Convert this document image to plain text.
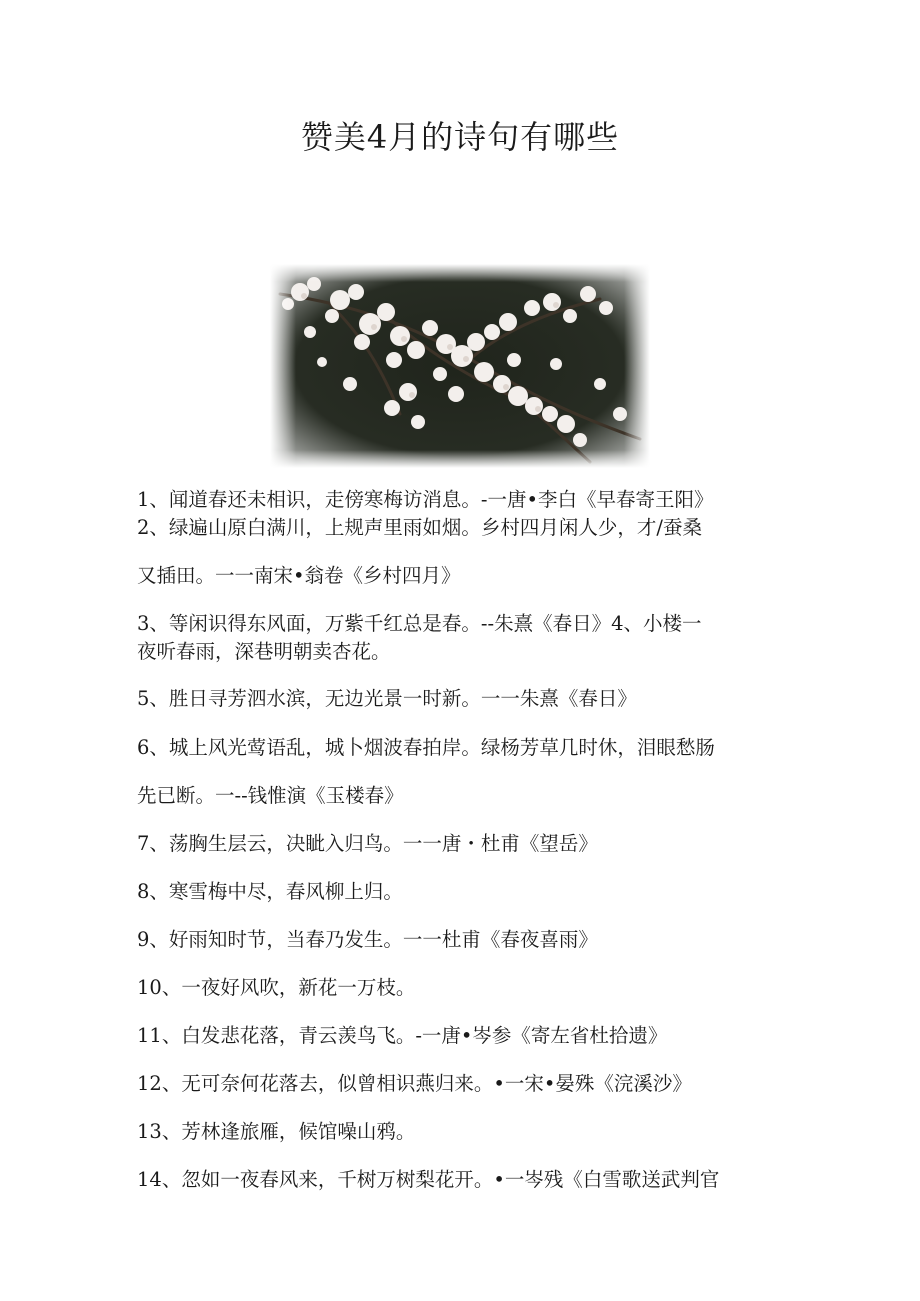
赞美4月的诗句有哪些
1、闻道春还未相识，走傍寒梅访消息。-一唐•李白《早春寄王阳》
2、绿遍山原白满川，上规声里雨如烟。乡村四月闲人少，才/蚕桑
又插田。一一南宋•翁卷《乡村四月》
3、等闲识得东风面，万紫千红总是春。--朱熹《春日》4、小楼一
夜听春雨，深巷明朝卖杏花。
5、胜日寻芳泗水滨，无边光景一时新。一一朱熹《春日》
6、城上风光莺语乱，城卜烟波春拍岸。绿杨芳草几时休，泪眼愁肠
先已断。一--钱惟演《玉楼春》
7、荡胸生层云，决眦入归鸟。一一唐・杜甫《望岳》
8、寒雪梅中尽，春风柳上归。
9、好雨知时节，当春乃发生。一一杜甫《春夜喜雨》
10、一夜好风吹，新花一万枝。
11、白发悲花落，青云羡鸟飞。-一唐•岑参《寄左省杜拾遗》
12、无可奈何花落去，似曾相识燕归来。•一宋•晏殊《浣溪沙》
13、芳林逢旅雁，候馆噪山鸦。
14、忽如一夜春风来，千树万树梨花开。•一岑残《白雪歌送武判官
